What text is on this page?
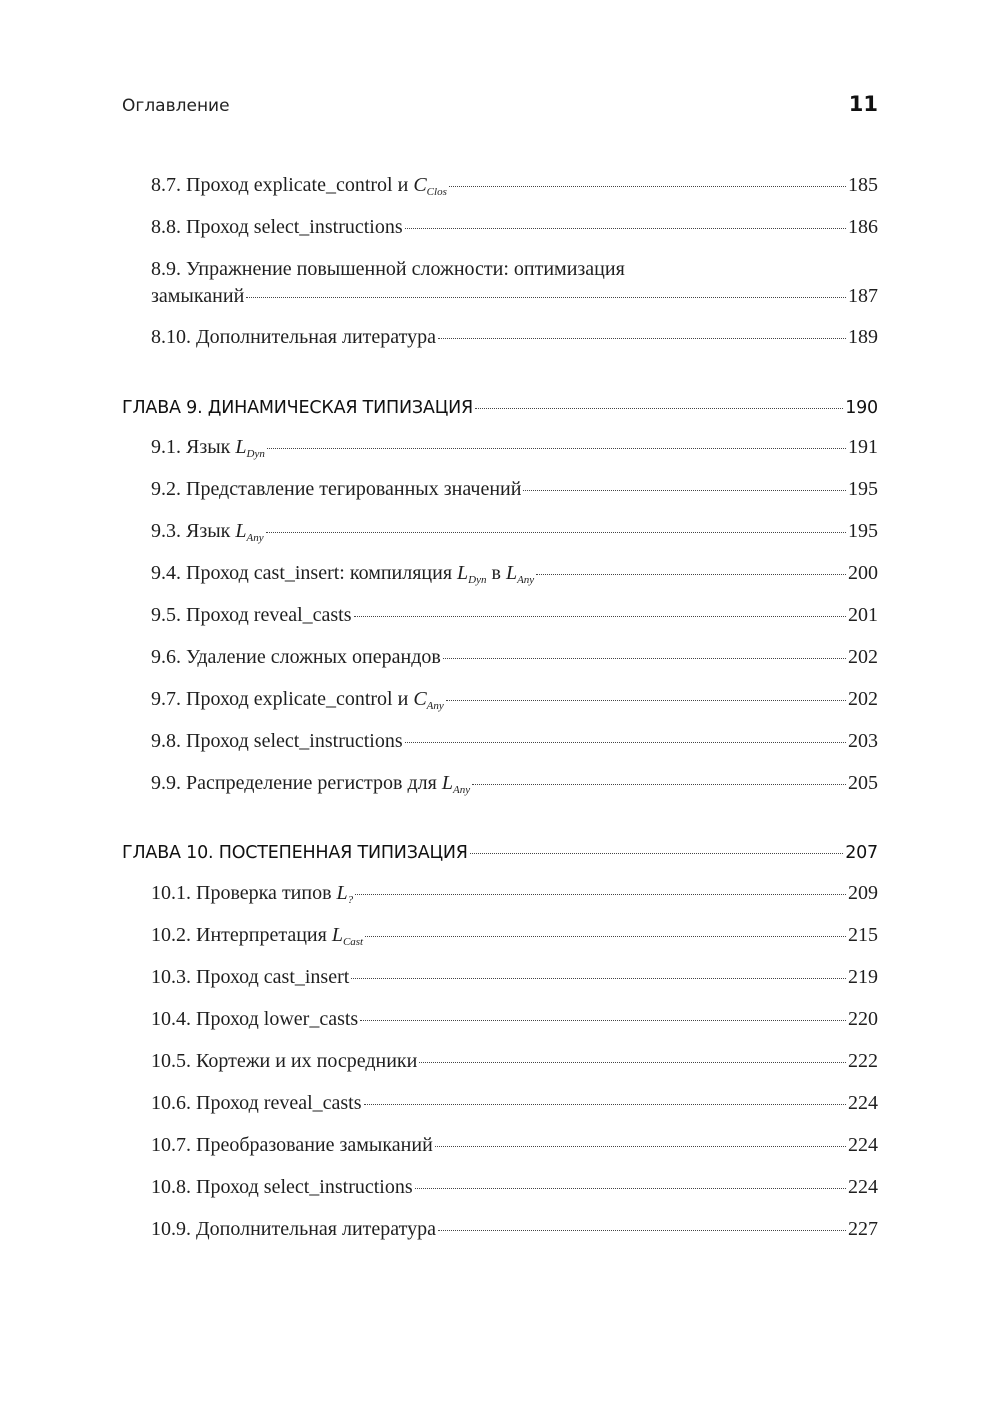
Оглавление	11
8.7. Проход explicate_control и $C_{Clos}$	185
8.8. Проход select_instructions	186
8.9. Упражнение повышенной сложности: оптимизация
замыканий	187
8.10. Дополнительная литература	189
ГЛАВА 9. ДИНАМИЧЕСКАЯ ТИПИЗАЦИЯ	190
9.1. Язык $L_{Dyn}$	191
9.2. Представление тегированных значений	195
9.3. Язык $L_{Any}$	195
9.4. Проход cast_insert: компиляция $L_{Dyn}$ в $L_{Any}$	200
9.5. Проход reveal_casts	201
9.6. Удаление сложных операндов	202
9.7. Проход explicate_control и $C_{Any}$	202
9.8. Проход select_instructions	203
9.9. Распределение регистров для $L_{Any}$	205
ГЛАВА 10. ПОСТЕПЕННАЯ ТИПИЗАЦИЯ	207
10.1. Проверка типов $L_?$	209
10.2. Интерпретация $L_{Cast}$	215
10.3. Проход cast_insert	219
10.4. Проход lower_casts	220
10.5. Кортежи и их посредники	222
10.6. Проход reveal_casts	224
10.7. Преобразование замыканий	224
10.8. Проход select_instructions	224
10.9. Дополнительная литература	227
